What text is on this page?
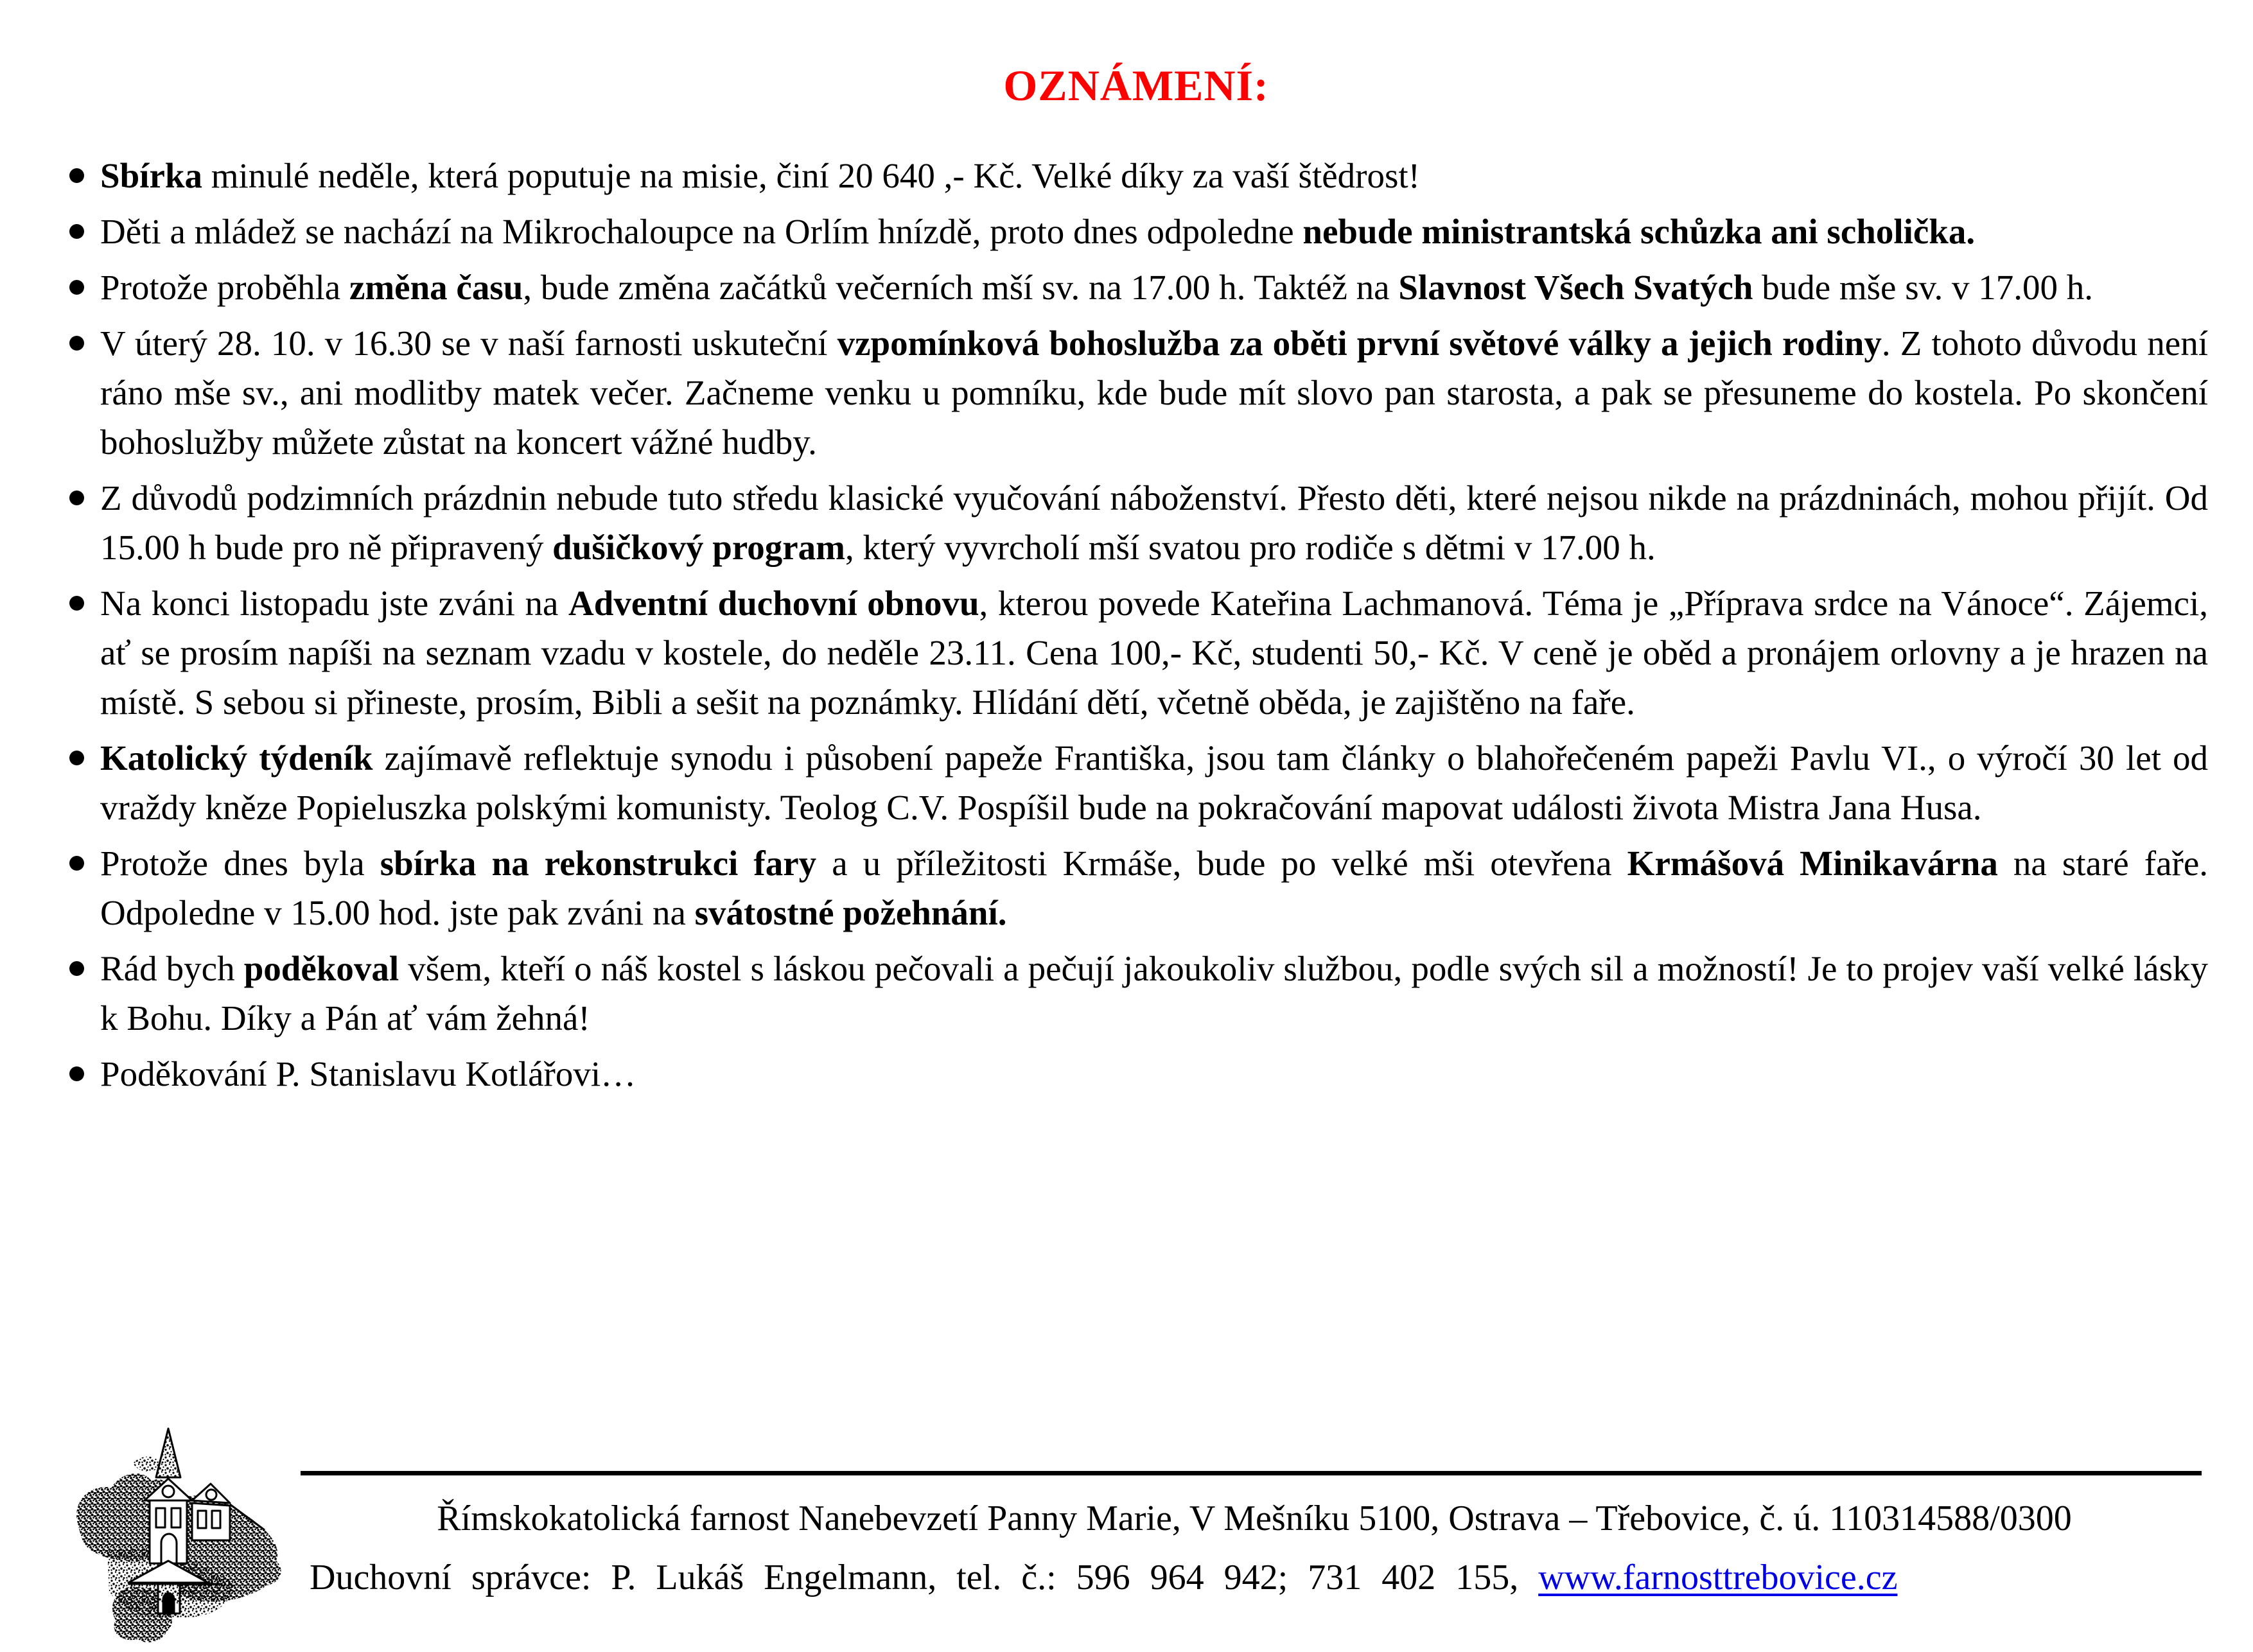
OZNÁMENÍ:
Sbírka minulé neděle, která poputuje na misie, činí 20 640 ,- Kč. Velké díky za vaší štědrost!
Děti a mládež se nachází na Mikrochaloupce na Orlím hnízdě, proto dnes odpoledne nebude ministrantská schůzka ani scholička.
Protože proběhla změna času, bude změna začátků večerních mší sv. na 17.00 h. Taktéž na Slavnost Všech Svatých bude mše sv. v 17.00 h.
V úterý 28. 10. v 16.30 se v naší farnosti uskuteční vzpomínková bohoslužba za oběti první světové války a jejich rodiny. Z tohoto důvodu není ráno mše sv., ani modlitby matek večer. Začneme venku u pomníku, kde bude mít slovo pan starosta, a pak se přesuneme do kostela. Po skončení bohoslužby můžete zůstat na koncert vážné hudby.
Z důvodů podzimních prázdnin nebude tuto středu klasické vyučování náboženství. Přesto děti, které nejsou nikde na prázdninách, mohou přijít. Od 15.00 h bude pro ně připravený dušičkový program, který vyvrcholí mší svatou pro rodiče s dětmi v 17.00 h.
Na konci listopadu jste zváni na Adventní duchovní obnovu, kterou povede Kateřina Lachmanová. Téma je „Příprava srdce na Vánoce“. Zájemci, ať se prosím napíši na seznam vzadu v kostele, do neděle 23.11. Cena 100,- Kč, studenti 50,- Kč. V ceně je oběd a pronájem orlovny a je hrazen na místě. S sebou si přineste, prosím, Bibli a sešit na poznámky. Hlídání dětí, včetně oběda, je zajištěno na faře.
Katolický týdeník zajímavě reflektuje synodu i působení papeže Františka, jsou tam články o blahořečeném papeži Pavlu VI., o výročí 30 let od vraždy kněze Popieluszka polskými komunisty. Teolog C.V. Pospíšil bude na pokračování mapovat události života Mistra Jana Husa.
Protože dnes byla sbírka na rekonstrukci fary a u příležitosti Krmáše, bude po velké mši otevřena Krmášová Minikavárna na staré faře. Odpoledne v 15.00 hod. jste pak zváni na svátostné požehnání.
Rád bych poděkoval všem, kteří o náš kostel s láskou pečovali a pečují jakoukoliv službou, podle svých sil a možností! Je to projev vaší velké lásky k Bohu. Díky a Pán ať vám žehná!
Poděkování P. Stanislavu Kotlářovi…

Římskokatolická farnost Nanebevzetí Panny Marie, V Mešníku 5100, Ostrava – Třebovice, č. ú. 110314588/0300

Duchovní správce: P. Lukáš Engelmann, tel. č.: 596 964 942; 731 402 155, www.farnosttrebovice.cz
